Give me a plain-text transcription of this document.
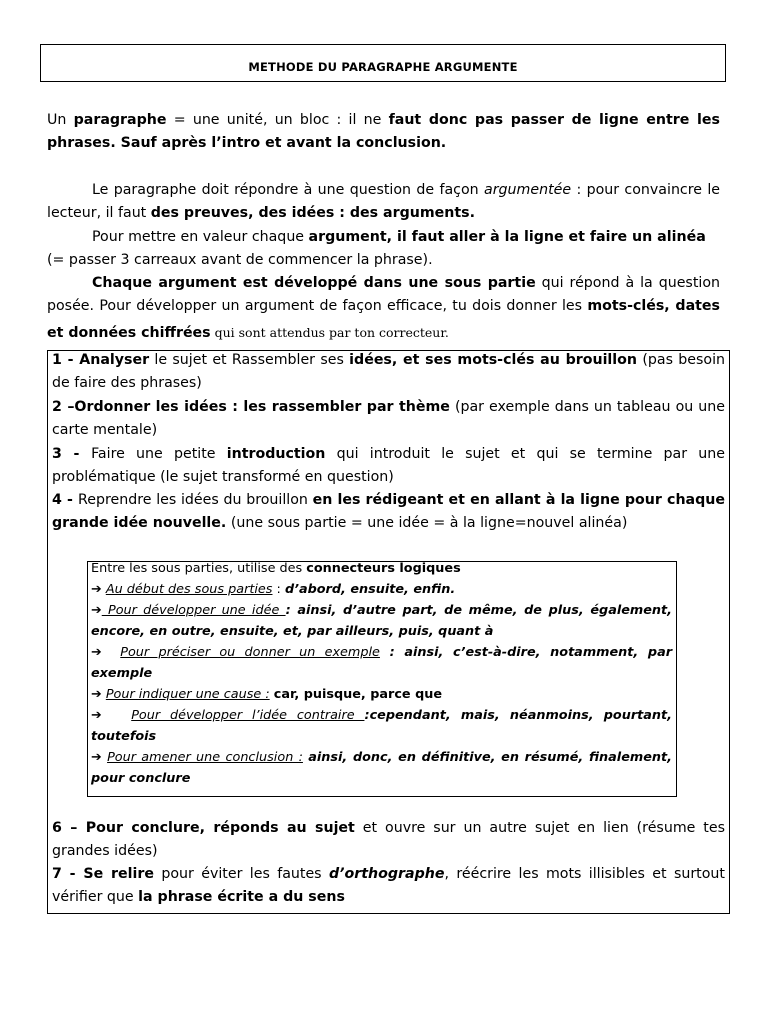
METHODE DU PARAGRAPHE ARGUMENTE
Un paragraphe = une unité, un bloc : il ne faut donc pas passer de ligne entre les
phrases. Sauf après l’intro et avant la conclusion.
Le paragraphe doit répondre à une question de façon argumentée : pour convaincre le
lecteur, il faut des preuves, des idées : des arguments.
Pour mettre en valeur chaque argument, il faut aller à la ligne et faire un alinéa
(= passer 3 carreaux avant de commencer la phrase).
Chaque argument est développé dans une sous partie qui répond à la question
posée. Pour développer un argument de façon efficace, tu dois donner les mots-clés, dates
et données chiffrées qui sont attendus par ton correcteur.
1 - Analyser le sujet et Rassembler ses idées, et ses mots-clés au brouillon (pas besoin
de faire des phrases)
2 –Ordonner les idées : les rassembler par thème (par exemple dans un tableau ou une
carte mentale)
3 - Faire une petite introduction qui introduit le sujet et qui se termine par une
problématique (le sujet transformé en question)
4 - Reprendre les idées du brouillon en les rédigeant et en allant à la ligne pour chaque
grande idée nouvelle. (une sous partie = une idée = à la ligne=nouvel alinéa)
6 – Pour conclure, réponds au sujet et ouvre sur un autre sujet en lien (résume tes
grandes idées)
7 - Se relire pour éviter les fautes d’orthographe, réécrire les mots illisibles et surtout
vérifier que la phrase écrite a du sens
Entre les sous parties, utilise des connecteurs logiques
➔ Au début des sous parties : d’abord, ensuite, enfin.
➔ Pour développer une idée : ainsi, d’autre part, de même, de plus, également,
encore, en outre, ensuite, et, par ailleurs, puis, quant à
➔ Pour préciser ou donner un exemple : ainsi, c’est-à-dire, notamment, par
exemple
➔ Pour indiquer une cause : car, puisque, parce que
➔ Pour développer l’idée contraire :cependant, mais, néanmoins, pourtant,
toutefois
➔ Pour amener une conclusion : ainsi, donc, en définitive, en résumé, finalement,
pour conclure
